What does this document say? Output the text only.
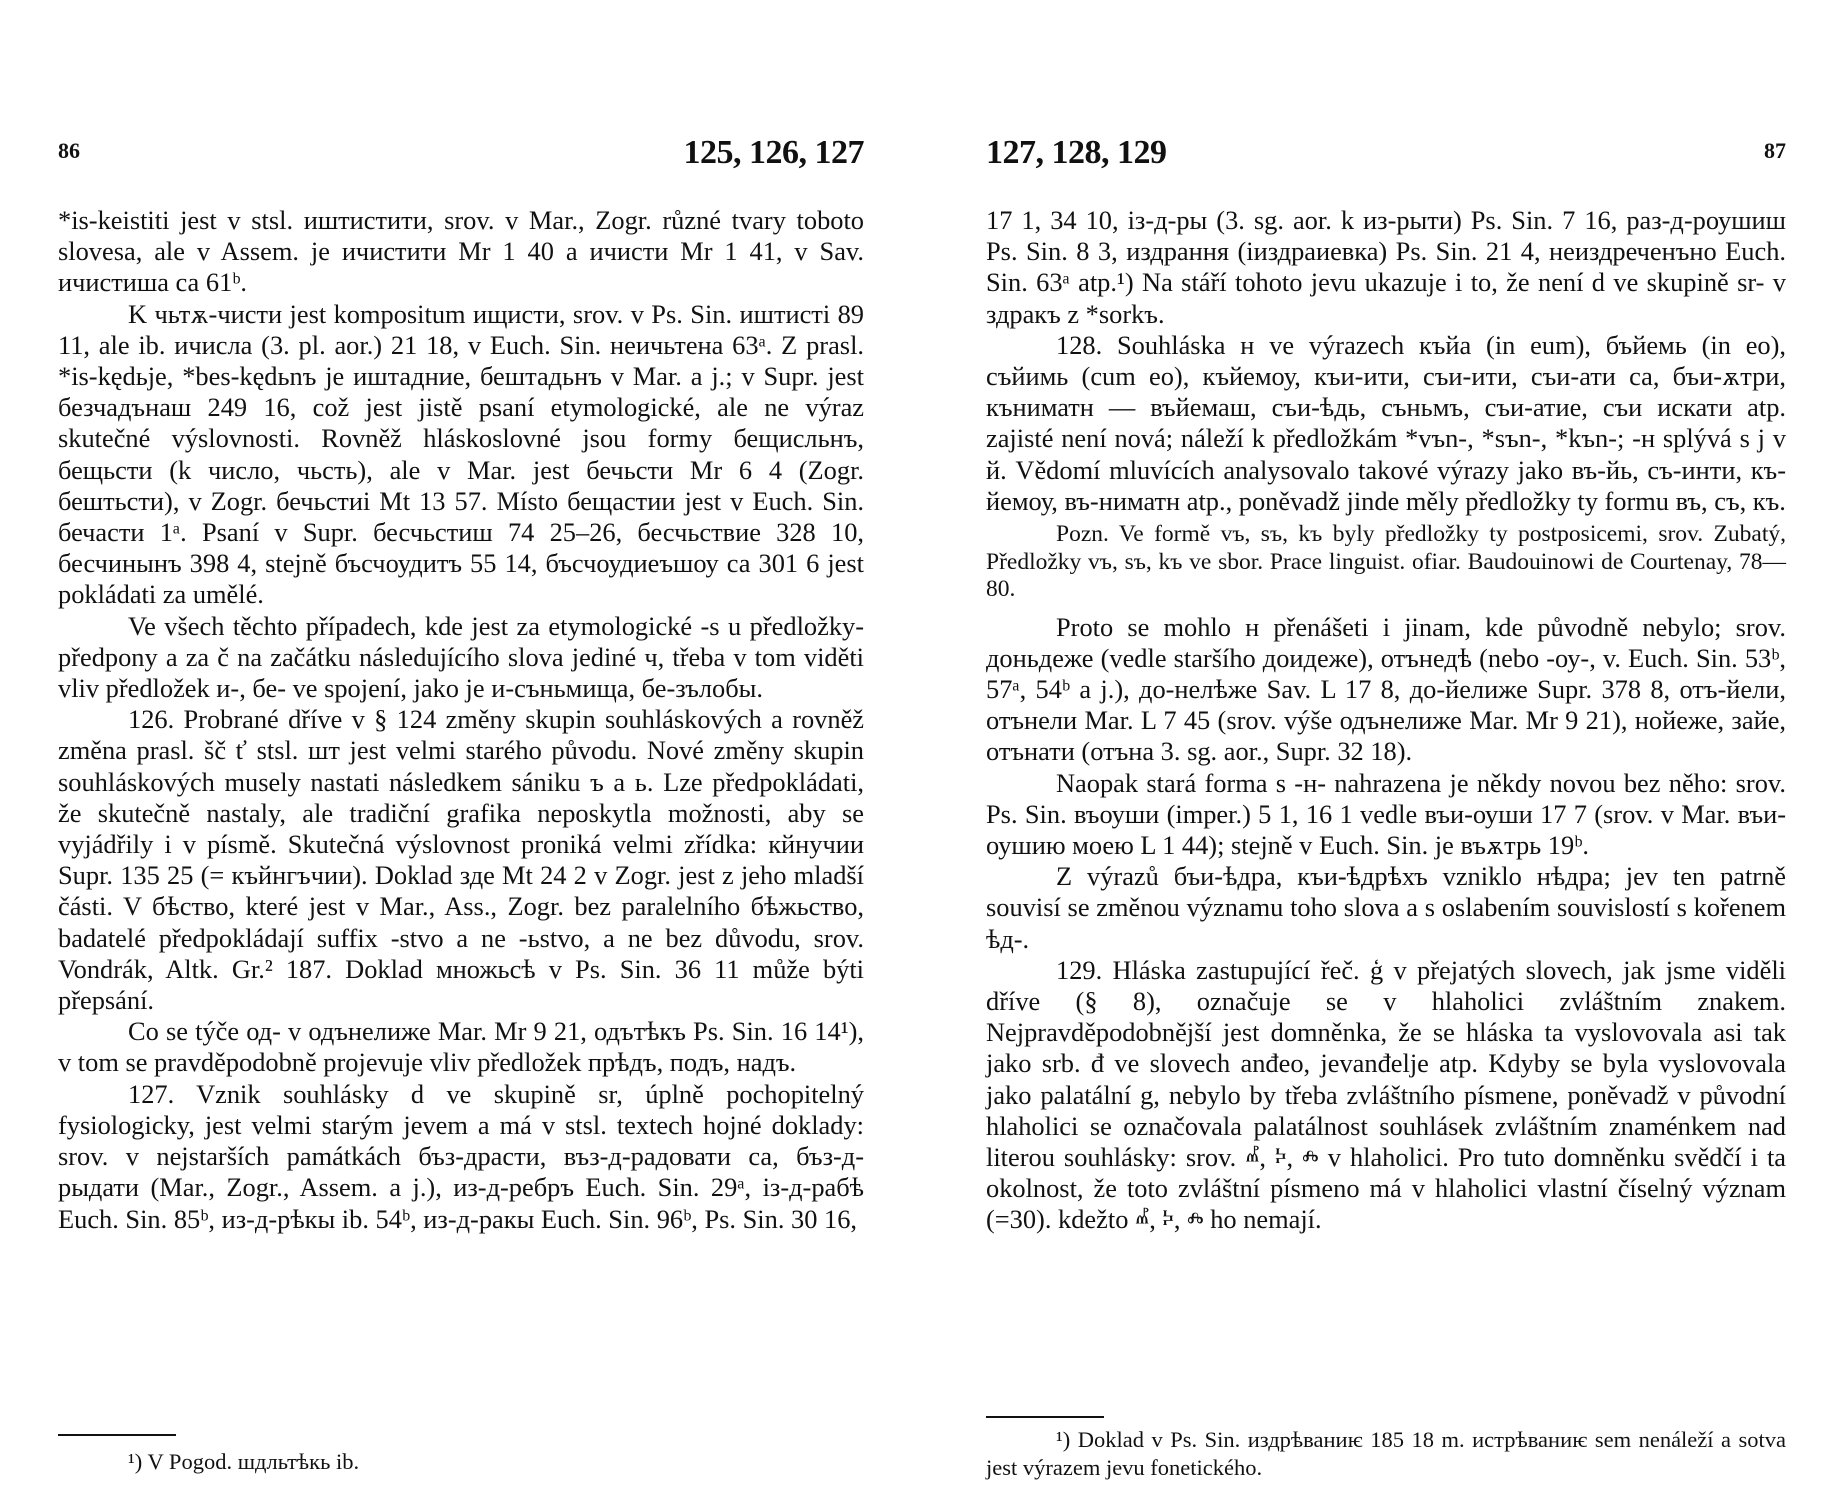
86	125, 126, 127

*is-keistiti jest v stsl. иштистити, srov. v Mar., Zogr. různé tvary toboto slovesa, ale v Assem. je ичистити Mr 1 40 a ичисти Mr 1 41, v Sav. ичистиша са 61ᵇ.

K чьтѫ-чисти jest kompositum ищисти, srov. v Ps. Sin. иштисті 89 11, ale ib. ичисла (3. pl. aor.) 21 18, v Euch. Sin. неичьтена 63ᵃ. Z prasl. *is-kędьje, *bes-kędьnъ je иштадние, бештадьнъ v Mar. a j.; v Supr. jest безчадънаш 249 16, což jest jistě psaní etymologické, ale ne výraz skutečné výslovnosti. Rovněž hláskoslovné jsou formy бещисльнъ, бещьсти (k число, чьсть), ale v Mar. jest бечьсти Mr 6 4 (Zogr. бештьсти), v Zogr. бечьстиі Mt 13 57. Místo бещастии jest v Euch. Sin. бечасти 1ᵃ. Psaní v Supr. бесчьстиш 74 25–26, бесчьствие 328 10, бесчинынъ 398 4, stejně бъсчоудитъ 55 14, бъсчоудиеъшоу са 301 6 jest pokládati za umělé.

Ve všech těchto případech, kde jest za etymologické -s u předložky-předpony a za č na začátku následujícího slova jediné ч, třeba v tom viděti vliv předložek и-, бе- ve spojení, jako je и-съньмища, бе-зълобы.

126. Probrané dříve v § 124 změny skupin souhláskových a rovněž změna prasl. šč ť stsl. шт jest velmi starého původu. Nové změny skupin souhláskových musely nastati následkem sániku ъ a ь. Lze předpokládati, že skutečně nastaly, ale tradiční grafika neposkytla možnosti, aby se vyjádřily i v písmě. Skutečná výslovnost proniká velmi zřídka: кйнучии Supr. 135 25 (= къйнгъчии). Doklad зде Mt 24 2 v Zogr. jest z jeho mladší části. V бѣство, které jest v Mar., Ass., Zogr. bez paralelního бѣжьство, badatelé předpokládají suffix -stvo a ne -ьstvo, a ne bez důvodu, srov. Vondrák, Altk. Gr.² 187. Doklad множьсѣ v Ps. Sin. 36 11 může býti přepsání.

Co se týče од- v одънелиже Mar. Mr 9 21, одътѣкъ Ps. Sin. 16 14¹), v tom se pravděpodobně projevuje vliv předložek прѣдъ, подъ, надъ.

127. Vznik souhlásky d ve skupině sr, úplně pochopitelný fysiologicky, jest velmi starým jevem a má v stsl. textech hojné doklady: srov. v nejstarších památkách бъз-драсти, въз-д-радовати са, бъз-д-рыдати (Mar., Zogr., Assem. a j.), из-д-ребръ Euch. Sin. 29ᵃ, із-д-рабѣ Euch. Sin. 85ᵇ, из-д-рѣкы ib. 54ᵇ, из-д-ракы Euch. Sin. 96ᵇ, Ps. Sin. 30 16,

¹) V Pogod. шдльтѣкь ib.
127, 128, 129	87

17 1, 34 10, із-д-ры (3. sg. aor. k из-рыти) Ps. Sin. 7 16, раз-д-роушиш Ps. Sin. 8 3, издрання (іиздраиевка) Ps. Sin. 21 4, неиздреченъно Euch. Sin. 63ᵃ atp.¹) Na stáří tohoto jevu ukazuje i to, že není d ve skupině sr- v здракъ z *sorkъ.

128. Souhláska н ve výrazech къйа (in eum), бъйемь (in eo), съйимь (cum eo), къйемоу, къи-ити, съи-ити, съи-ати са, бъи-ѫтри, къниматн — въйемаш, съи-ѣдь, съньмъ, съи-атие, съи искати atp. zajisté není nová; náleží k předložkám *vъn-, *sъn-, *kъn-; -н splývá s j v й. Vědomí mluvících analysovalo takové výrazy jako въ-йь, съ-инти, къ-йемоу, въ-ниматн atp., poněvadž jinde měly předložky ty formu въ, съ, къ.

Pozn. Ve formě vъ, sъ, kъ byly předložky ty postposicemi, srov. Zubatý, Předložky vъ, sъ, kъ ve sbor. Prace linguist. ofiar. Baudouinowi de Courtenay, 78—80.

Proto se mohlo н přenášeti i jinam, kde původně nebylo; srov. доньдеже (vedle staršího доидеже), отънедѣ (nebo -оу-, v. Euch. Sin. 53ᵇ, 57ᵃ, 54ᵇ a j.), до-нелѣже Sav. L 17 8, до-йелиже Supr. 378 8, отъ-йели, отънели Mar. L 7 45 (srov. výše одънелиже Mar. Mr 9 21), нойеже, зайе, отънати (отъна 3. sg. aor., Supr. 32 18).

Naopak stará forma s -н- nahrazena je někdy novou bez něho: srov. Ps. Sin. въоуши (imper.) 5 1, 16 1 vedle въи-оуши 17 7 (srov. v Mar. въи-оушию моею L 1 44); stejně v Euch. Sin. je въѫтрь 19ᵇ.

Z výrazů бъи-ѣдра, къи-ѣдрѣхъ vzniklo нѣдра; jev ten patrně souvisí se změnou významu toho slova a s oslabením souvislostí s kořenem ѣд-.

129. Hláska zastupující řeč. ģ v přejatých slovech, jak jsme viděli dříve (§ 8), označuje se v hlaholici zvláštním znakem. Nejpravděpodobnější jest domněnka, že se hláska ta vyslovovala asi tak jako srb. đ ve slovech anđeo, jevanđelje atp. Kdyby se byla vyslovovala jako palatální g, nebylo by třeba zvláštního písmene, poněvadž v původní hlaholici se označovala palatálnost souhlásek zvláštním znaménkem nad literou souhlásky: srov. ⰼ, ⰽ, ⰾ v hlaholici. Pro tuto domněnku svědčí i ta okolnost, že toto zvláštní písmeno má v hlaholici vlastní číselný význam (=30). kdežto ⰼ, ⰽ, ⰾ ho nemají.

¹) Doklad v Ps. Sin. издрѣваниѥ 185 18 m. истрѣваниѥ sem nenáleží a sotva jest výrazem jevu fonetického.
